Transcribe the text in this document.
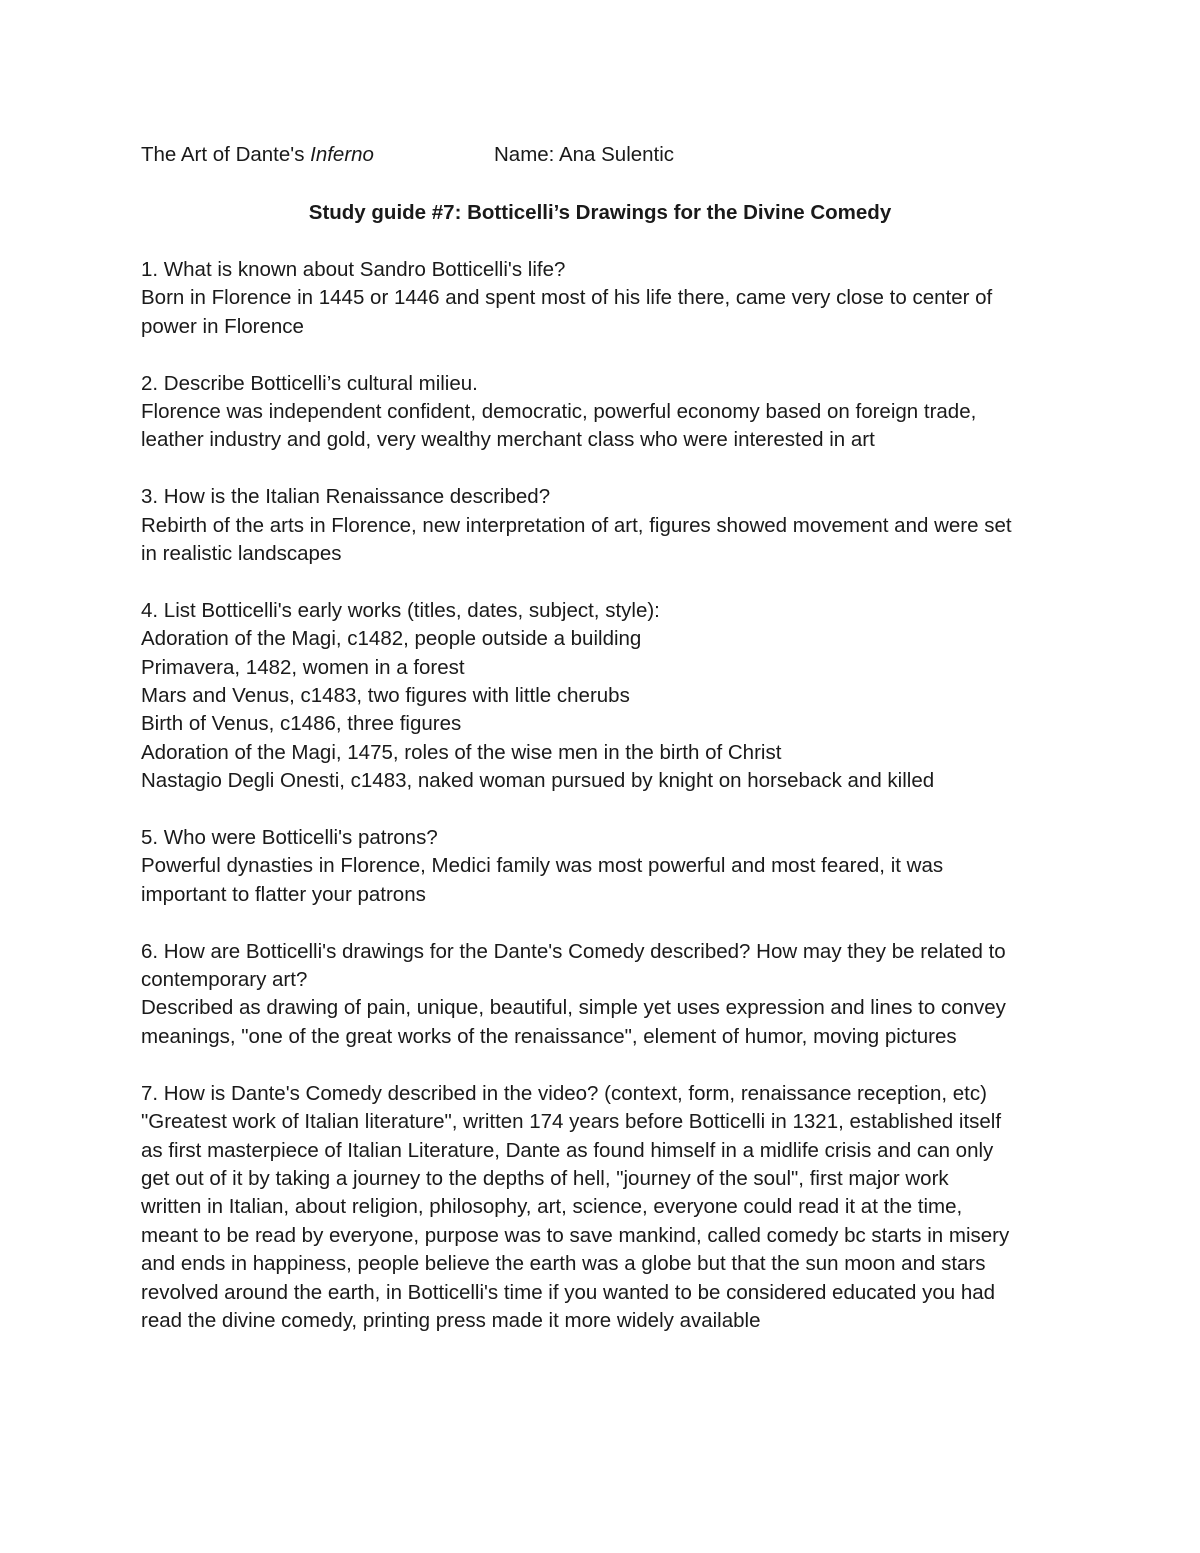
The Art of Dante's Inferno	Name: Ana Sulentic
Study guide #7: Botticelli’s Drawings for the Divine Comedy
1. What is known about Sandro Botticelli's life?
Born in Florence in 1445 or 1446 and spent most of his life there, came very close to center of
power in Florence
2. Describe Botticelli’s cultural milieu.
Florence was independent confident, democratic, powerful economy based on foreign trade,
leather industry and gold, very wealthy merchant class who were interested in art
3. How is the Italian Renaissance described?
Rebirth of the arts in Florence, new interpretation of art, figures showed movement and were set
in realistic landscapes
4. List Botticelli's early works (titles, dates, subject, style):
Adoration of the Magi, c1482, people outside a building
Primavera, 1482, women in a forest
Mars and Venus, c1483, two figures with little cherubs
Birth of Venus, c1486, three figures
Adoration of the Magi, 1475, roles of the wise men in the birth of Christ
Nastagio Degli Onesti, c1483, naked woman pursued by knight on horseback and killed
5. Who were Botticelli's patrons?
Powerful dynasties in Florence, Medici family was most powerful and most feared, it was
important to flatter your patrons
6. How are Botticelli's drawings for the Dante's Comedy described? How may they be related to contemporary art?
Described as drawing of pain, unique, beautiful, simple yet uses expression and lines to convey
meanings, "one of the great works of the renaissance", element of humor, moving pictures
7. How is Dante's Comedy described in the video? (context, form, renaissance reception, etc)
"Greatest work of Italian literature", written 174 years before Botticelli in 1321, established itself
as first masterpiece of Italian Literature, Dante as found himself in a midlife crisis and can only
get out of it by taking a journey to the depths of hell, "journey of the soul", first major work
written in Italian, about religion, philosophy, art, science, everyone could read it at the time,
meant to be read by everyone, purpose was to save mankind, called comedy bc starts in misery
and ends in happiness, people believe the earth was a globe but that the sun moon and stars
revolved around the earth, in Botticelli's time if you wanted to be considered educated you had
read the divine comedy, printing press made it more widely available
